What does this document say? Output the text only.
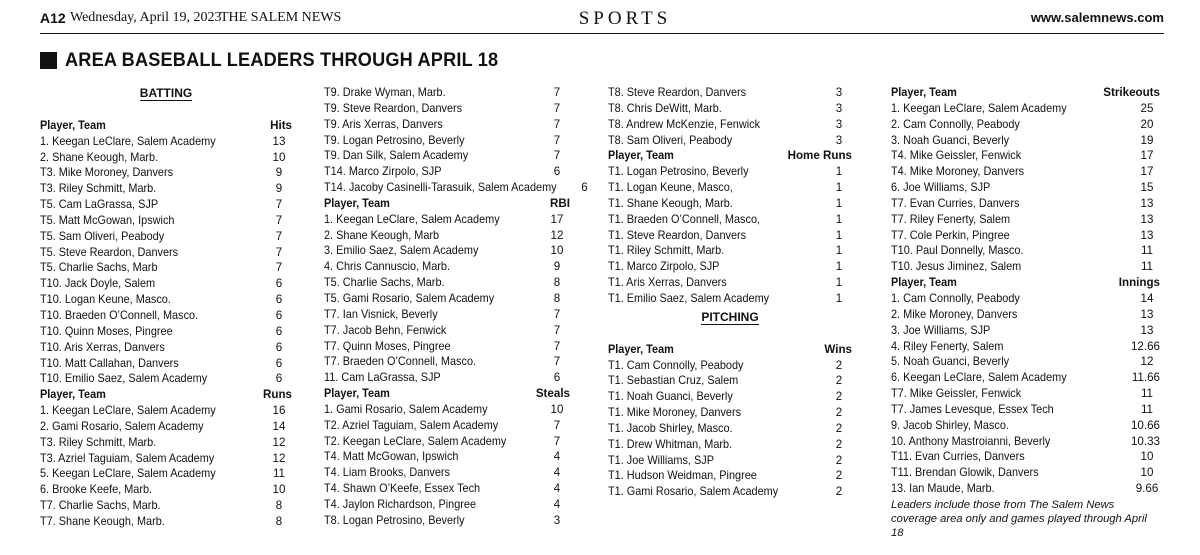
A12 Wednesday, April 19, 2023
THE SALEM NEWS	SPORTS	www.salemnews.com
AREA BASEBALL LEADERS THROUGH APRIL 18
BATTING
Player, Team	Hits
1. Keegan LeClare, Salem Academy	13
2. Shane Keough, Marb.	10
T3. Mike Moroney, Danvers	9
T3. Riley Schmitt, Marb.	9
T5. Cam LaGrassa, SJP	7
T5. Matt McGowan, Ipswich	7
T5. Sam Oliveri, Peabody	7
T5. Steve Reardon, Danvers	7
T5. Charlie Sachs, Marb	7
T10. Jack Doyle, Salem	6
T10. Logan Keune, Masco.	6
T10. Braeden O’Connell, Masco.	6
T10. Quinn Moses, Pingree	6
T10. Aris Xerras, Danvers	6
T10. Matt Callahan, Danvers	6
T10. Emilio Saez, Salem Academy	6
Player, Team	Runs
1. Keegan LeClare, Salem Academy	16
2. Gami Rosario, Salem Academy	14
T3. Riley Schmitt, Marb.	12
T3. Azriel Taguiam, Salem Academy	12
5. Keegan LeClare, Salem Academy	11
6. Brooke Keefe, Marb.	10
T7. Charlie Sachs, Marb.	8
T7. Shane Keough, Marb.	8
T9. Drake Wyman, Marb.	7
T9. Steve Reardon, Danvers	7
T9. Aris Xerras, Danvers	7
T9. Logan Petrosino, Beverly	7
T9. Dan Silk, Salem Academy	7
T14. Marco Zirpolo, SJP	6
T14. Jacoby Casinelli-Tarasuik, Salem Academy	6
Player, Team	RBI
1. Keegan LeClare, Salem Academy	17
2. Shane Keough, Marb	12
3. Emilio Saez, Salem Academy	10
4. Chris Cannuscio, Marb.	9
T5. Charlie Sachs, Marb.	8
T5. Gami Rosario, Salem Academy	8
T7. Ian Visnick, Beverly	7
T7. Jacob Behn, Fenwick	7
T7. Quinn Moses, Pingree	7
T7. Braeden O’Connell, Masco.	7
11. Cam LaGrassa, SJP	6
Player, Team	Steals
1. Gami Rosario, Salem Academy	10
T2. Azriel Taguiam, Salem Academy	7
T2. Keegan LeClare, Salem Academy	7
T4. Matt McGowan, Ipswich	4
T4. Liam Brooks, Danvers	4
T4. Shawn O’Keefe, Essex Tech	4
T4. Jaylon Richardson, Pingree	4
T8. Logan Petrosino, Beverly	3
T8. Steve Reardon, Danvers	3
T8. Chris DeWitt, Marb.	3
T8. Andrew McKenzie, Fenwick	3
T8. Sam Oliveri, Peabody	3
Player, Team	Home Runs
T1. Logan Petrosino, Beverly	1
T1. Logan Keune, Masco,	1
T1. Shane Keough, Marb.	1
T1. Braeden O’Connell, Masco,	1
T1. Steve Reardon, Danvers	1
T1. Riley Schmitt, Marb.	1
T1. Marco Zirpolo, SJP	1
T1. Aris Xerras, Danvers	1
T1. Emilio Saez, Salem Academy	1
PITCHING
Player, Team	Wins
T1. Cam Connolly, Peabody	2
T1. Sebastian Cruz, Salem	2
T1. Noah Guanci, Beverly	2
T1. Mike Moroney, Danvers	2
T1. Jacob Shirley, Masco.	2
T1. Drew Whitman, Marb.	2
T1. Joe Williams, SJP	2
T1. Hudson Weidman, Pingree	2
T1. Gami Rosario, Salem Academy	2
Player, Team	Strikeouts
1. Keegan LeClare, Salem Academy	25
2. Cam Connolly, Peabody	20
3. Noah Guanci, Beverly	19
T4. Mike Geissler, Fenwick	17
T4. Mike Moroney, Danvers	17
6. Joe Williams, SJP	15
T7. Evan Curries, Danvers	13
T7. Riley Fenerty, Salem	13
T7. Cole Perkin, Pingree	13
T10. Paul Donnelly, Masco.	11
T10. Jesus Jiminez, Salem	11
Player, Team	Innings
1. Cam Connolly, Peabody	14
2. Mike Moroney, Danvers	13
3. Joe Williams, SJP	13
4. Riley Fenerty, Salem	12.66
5. Noah Guanci, Beverly	12
6. Keegan LeClare, Salem Academy	11.66
T7. Mike Geissler, Fenwick	11
T7. James Levesque, Essex Tech	11
9. Jacob Shirley, Masco.	10.66
10. Anthony Mastroianni, Beverly	10.33
T11. Evan Curries, Danvers	10
T11. Brendan Glowik, Danvers	10
13. Ian Maude, Marb.	9.66
Leaders include those from The Salem News coverage area only and games played through April 18
